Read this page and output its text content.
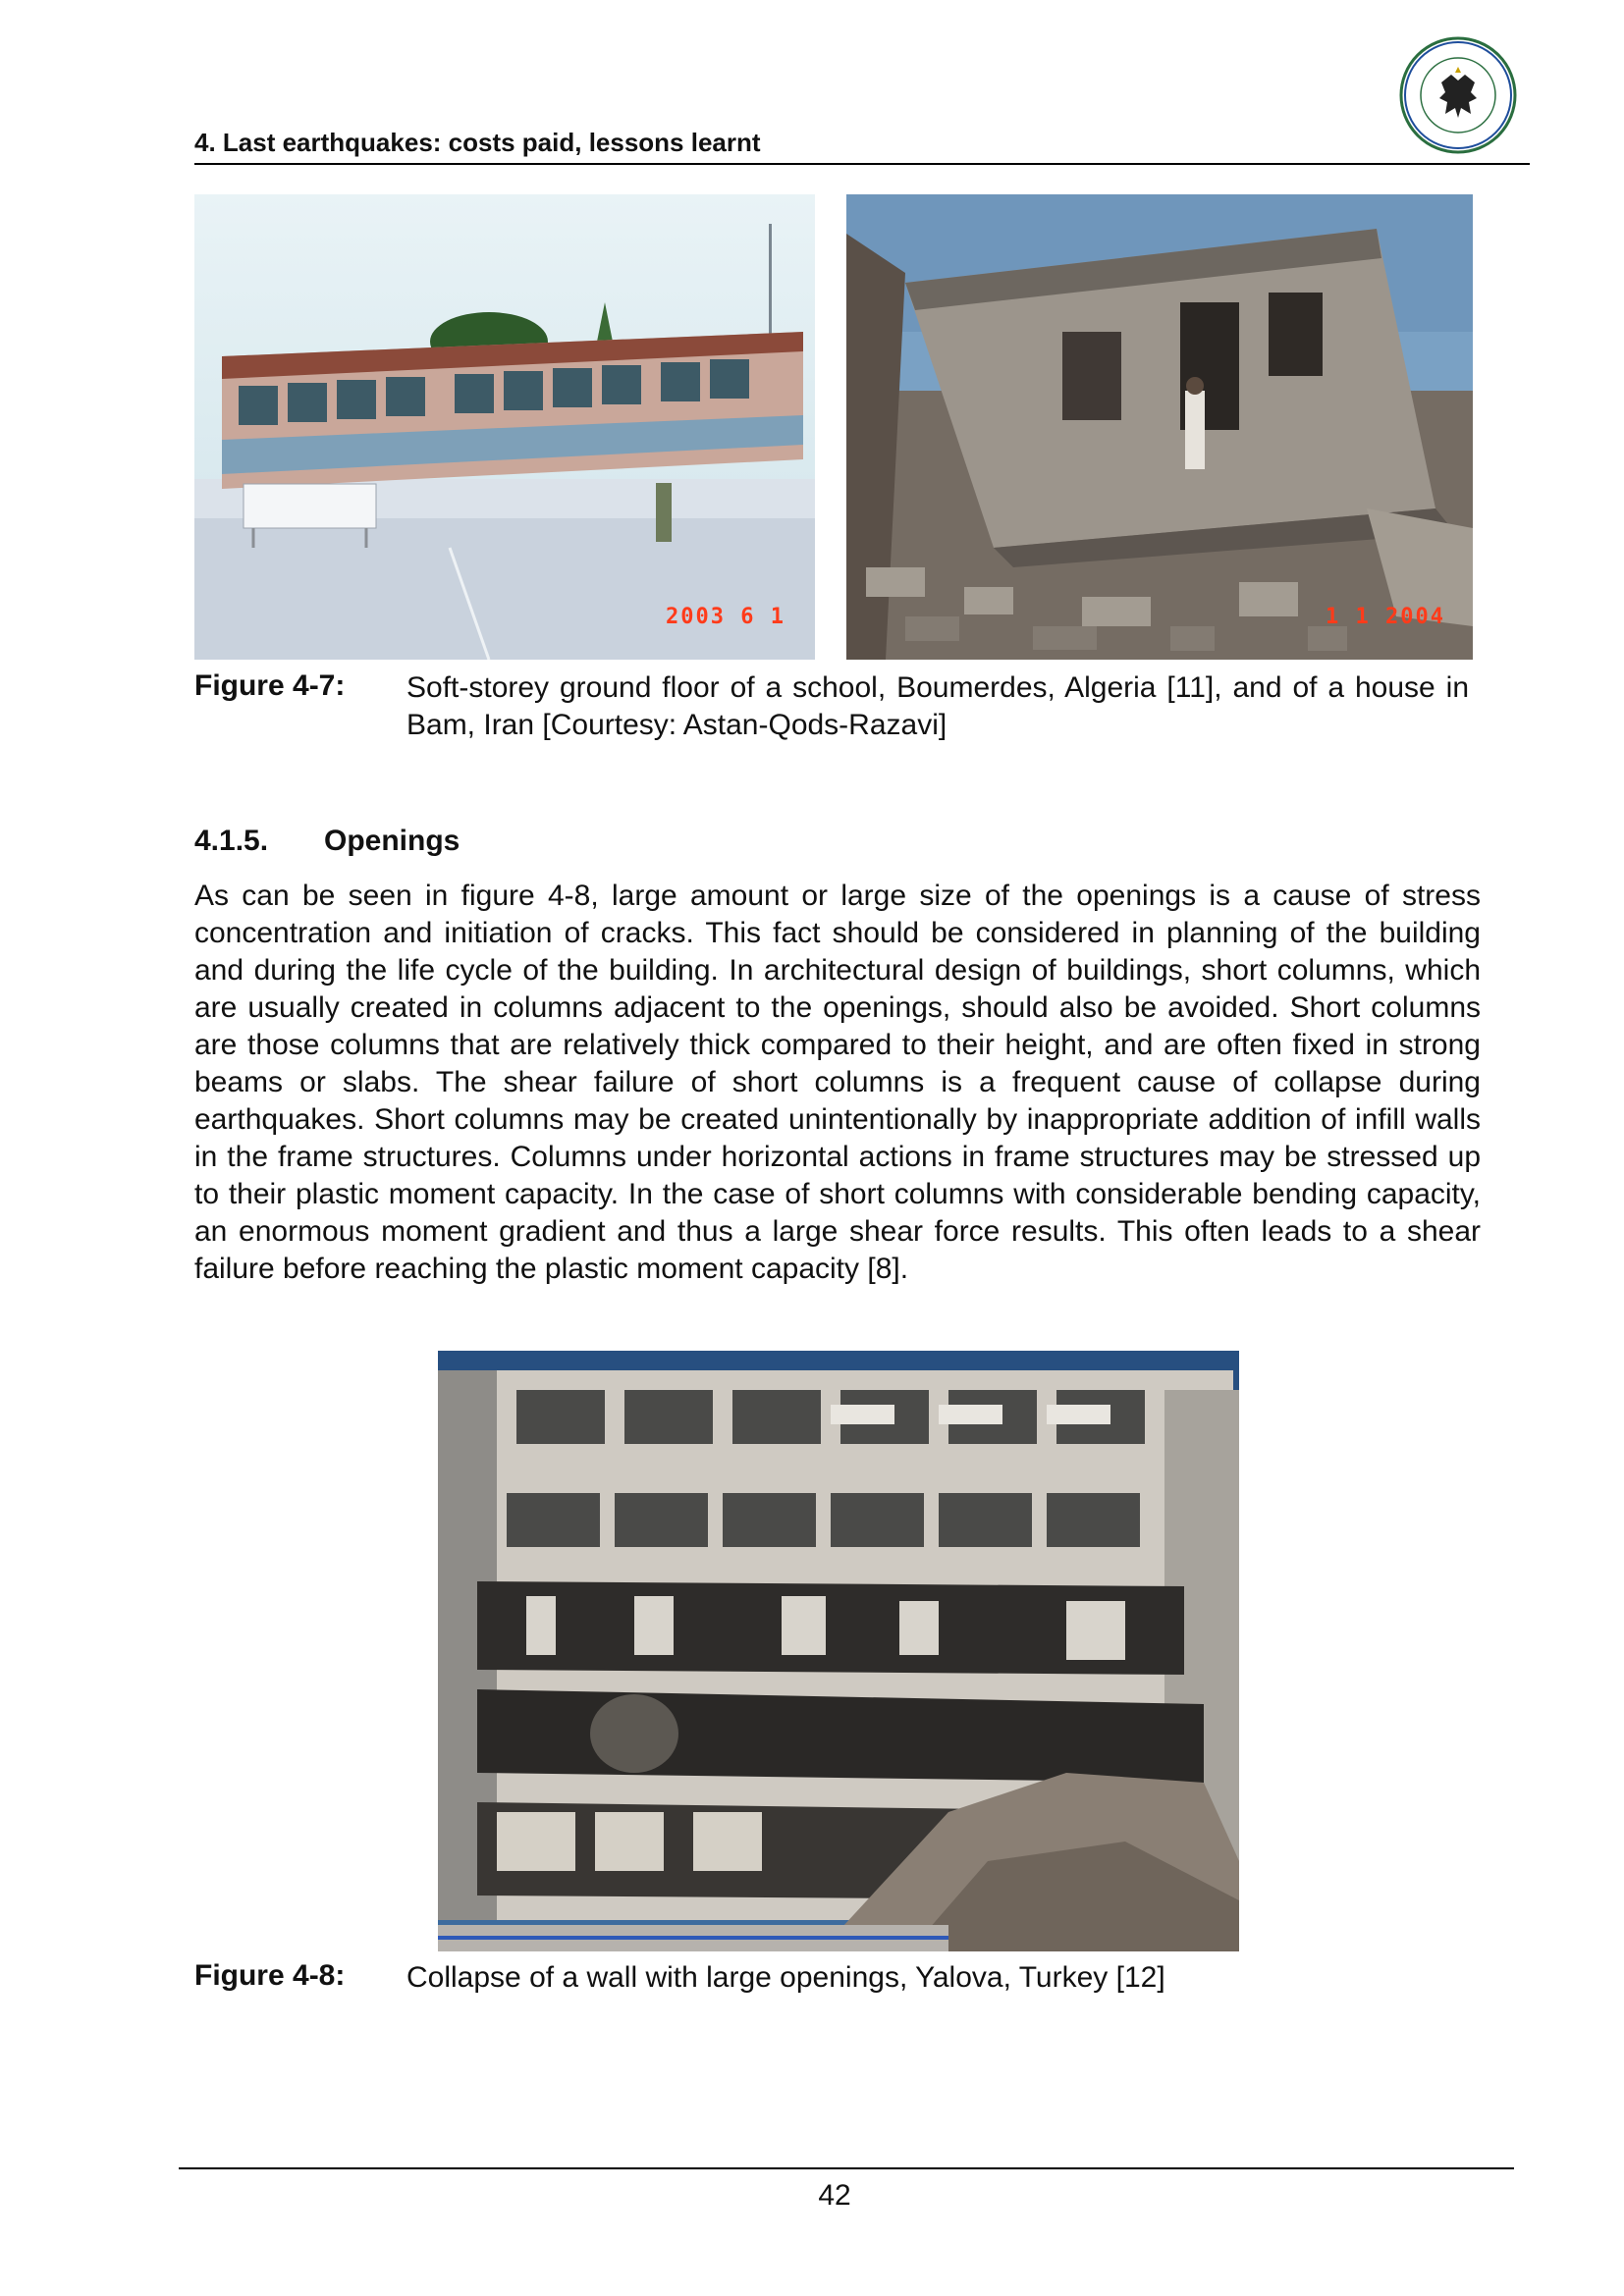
4. Last earthquakes: costs paid, lessons learnt
2003 6 1	1 1 2004
Figure 4-7: Soft-storey ground floor of a school, Boumerdes, Algeria [11], and of a house in Bam, Iran [Courtesy: Astan-Qods-Razavi]
4.1.5. Openings
As can be seen in figure 4-8, large amount or large size of the openings is a cause of stress concentration and initiation of cracks. This fact should be considered in planning of the building and during the life cycle of the building. In architectural design of buildings, short columns, which are usually created in columns adjacent to the openings, should also be avoided. Short columns are those columns that are relatively thick compared to their height, and are often fixed in strong beams or slabs. The shear failure of short columns is a frequent cause of collapse during earthquakes. Short columns may be created unintentionally by inappropriate addition of infill walls in the frame structures. Columns under horizontal actions in frame structures may be stressed up to their plastic moment capacity. In the case of short columns with considerable bending capacity, an enormous moment gradient and thus a large shear force results. This often leads to a shear failure before reaching the plastic moment capacity [8].
Figure 4-8: Collapse of a wall with large openings, Yalova, Turkey [12]
42
